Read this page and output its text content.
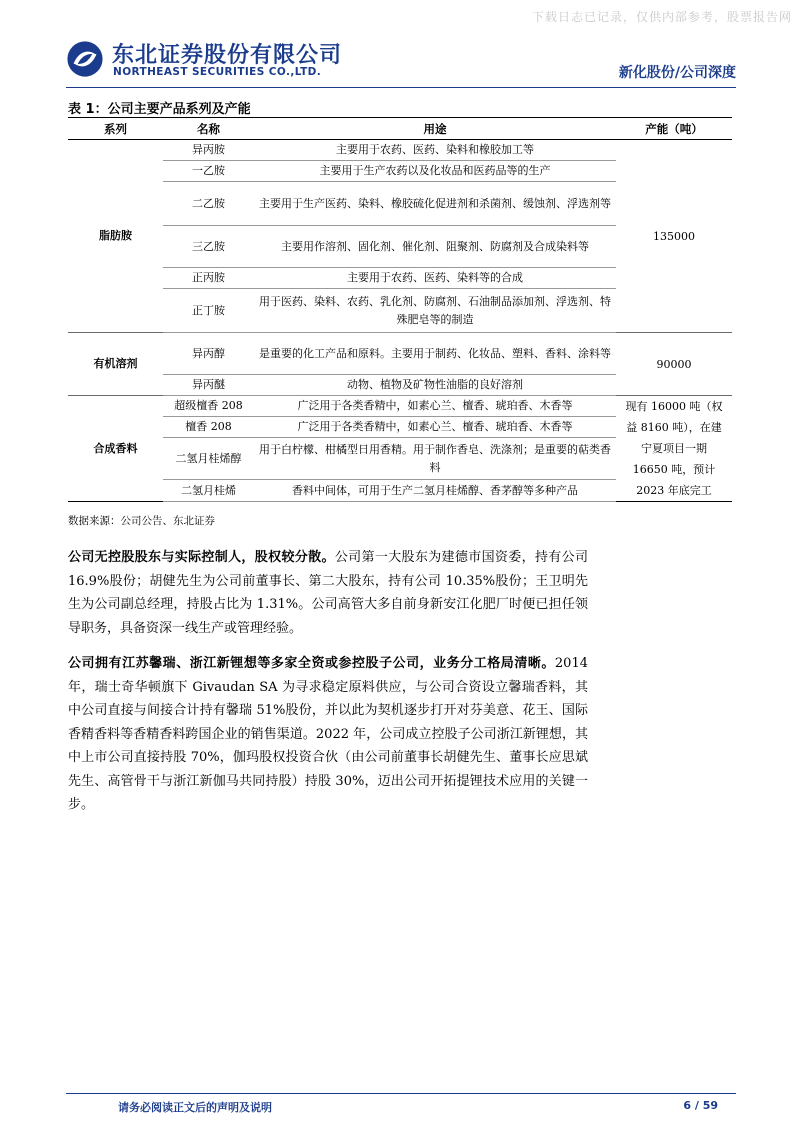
下载日志已记录，仅供内部参考，股票报告网
东北证券股份有限公司
NORTHEAST SECURITIES CO.,LTD.	新化股份/公司深度
表 1：公司主要产品系列及产能
系列	名称	用途	产能（吨）
脂肪胺	异丙胺	主要用于农药、医药、染料和橡胶加工等	135000
	一乙胺	主要用于生产农药以及化妆品和医药品等的生产	
	二乙胺	主要用于生产医药、染料、橡胶硫化促进剂和杀菌剂、缓蚀剂、浮选剂等	
	三乙胺	主要用作溶剂、固化剂、催化剂、阻聚剂、防腐剂及合成染料等	
	正丙胺	主要用于农药、医药、染料等的合成	
	正丁胺	用于医药、染料、农药、乳化剂、防腐剂、石油制品添加剂、浮选剂、特殊肥皂等的制造	
有机溶剂	异丙醇	是重要的化工产品和原料。主要用于制药、化妆品、塑料、香料、涂料等	90000
	异丙醚	动物、植物及矿物性油脂的良好溶剂	
合成香料	超级檀香 208	广泛用于各类香精中，如素心兰、檀香、琥珀香、木香等	现有 16000 吨（权益 8160 吨），在建宁夏项目一期 16650 吨，预计 2023 年底完工
	檀香 208	广泛用于各类香精中，如素心兰、檀香、琥珀香、木香等	
	二氢月桂烯醇	用于白柠檬、柑橘型日用香精。用于制作香皂、洗涤剂；是重要的萜类香料	
	二氢月桂烯	香料中间体，可用于生产二氢月桂烯醇、香茅醇等多种产品	
数据来源：公司公告、东北证券
公司无控股股东与实际控制人，股权较分散。公司第一大股东为建德市国资委，持有公司 16.9%股份；胡健先生为公司前董事长、第二大股东，持有公司 10.35%股份；王卫明先生为公司副总经理，持股占比为 1.31%。公司高管大多自前身新安江化肥厂时便已担任领导职务，具备资深一线生产或管理经验。
公司拥有江苏馨瑞、浙江新锂想等多家全资或参控股子公司，业务分工格局清晰。2014 年，瑞士奇华顿旗下 Givaudan SA 为寻求稳定原料供应，与公司合资设立馨瑞香料，其中公司直接与间接合计持有馨瑞 51%股份，并以此为契机逐步打开对芬美意、花王、国际香精香料等香精香料跨国企业的销售渠道。2022 年，公司成立控股子公司浙江新锂想，其中上市公司直接持股 70%，伽玛股权投资合伙（由公司前董事长胡健先生、董事长应思斌先生、高管骨干与浙江新伽马共同持股）持股 30%，迈出公司开拓提锂技术应用的关键一步。
请务必阅读正文后的声明及说明	6 / 59
